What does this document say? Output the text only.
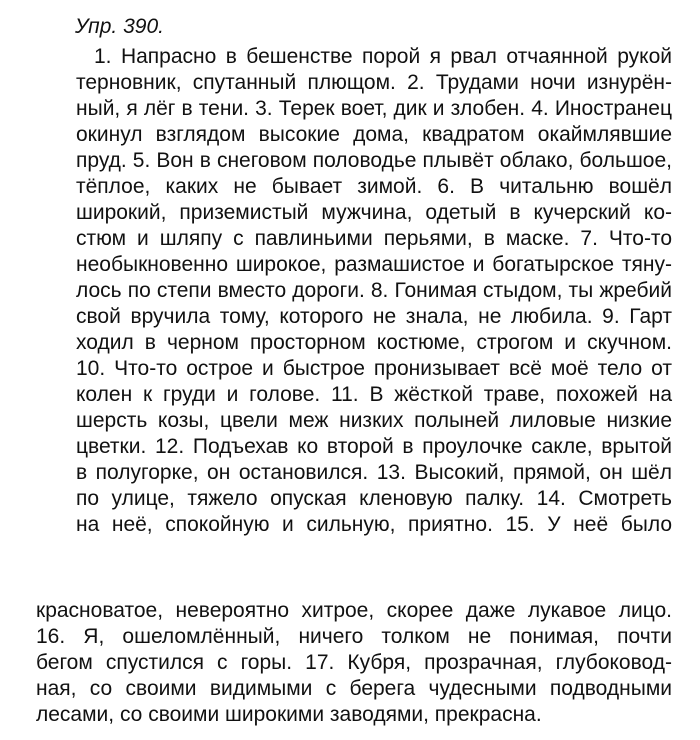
Упр. 390.
1. Напрасно в бешенстве порой я рвал отчаянной рукой
терновник, спутанный плющом. 2. Трудами ночи изнурён-
ный, я лёг в тени. 3. Терек воет, дик и злобен. 4. Иностранец
окинул взглядом высокие дома, квадратом окаймлявшие
пруд. 5. Вон в снеговом половодье плывёт облако, большое,
тёплое, каких не бывает зимой. 6. В читальню вошёл
широкий, приземистый мужчина, одетый в кучерский ко-
стюм и шляпу с павлиньими перьями, в маске. 7. Что-то
необыкновенно широкое, размашистое и богатырское тяну-
лось по степи вместо дороги. 8. Гонимая стыдом, ты жребий
свой вручила тому, которого не знала, не любила. 9. Гарт
ходил в черном просторном костюме, строгом и скучном.
10. Что-то острое и быстрое пронизывает всё моё тело от
колен к груди и голове. 11. В жёсткой траве, похожей на
шерсть козы, цвели меж низких полыней лиловые низкие
цветки. 12. Подъехав ко второй в проулочке сакле, врытой
в полугорке, он остановился. 13. Высокий, прямой, он шёл
по улице, тяжело опуская кленовую палку. 14. Смотреть
на неё, спокойную и сильную, приятно. 15. У неё было
красноватое, невероятно хитрое, скорее даже лукавое лицо.
16. Я, ошеломлённый, ничего толком не понимая, почти
бегом спустился с горы. 17. Кубря, прозрачная, глубоковод-
ная, со своими видимыми с берега чудесными подводными
лесами, со своими широкими заводями, прекрасна.
